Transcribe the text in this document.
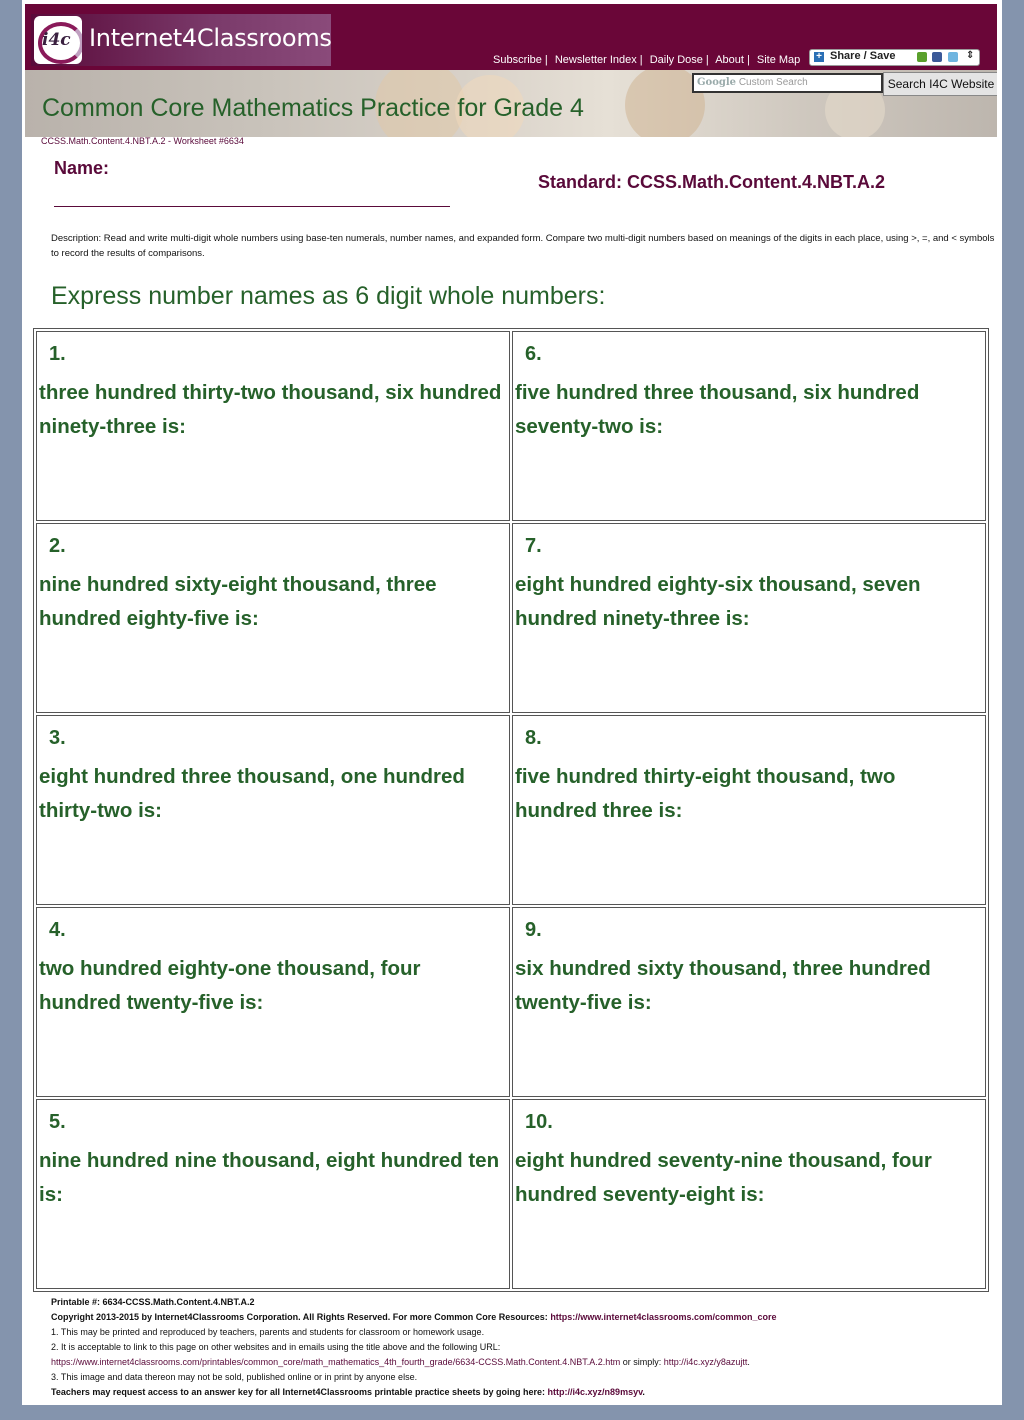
i4c Internet4Classrooms
Subscribe | Newsletter Index | Daily Dose | About | Site Map + Share / Save	⇕
Google Custom Search	Search I4C Website
Common Core Mathematics Practice for Grade 4
CCSS.Math.Content.4.NBT.A.2 - Worksheet #6634
Name:
Standard: CCSS.Math.Content.4.NBT.A.2
Description: Read and write multi-digit whole numbers using base-ten numerals, number names, and expanded form. Compare two multi-digit numbers based on meanings of the digits in each place, using >, =, and < symbols to record the results of comparisons.
Express number names as 6 digit whole numbers:
1.
three hundred thirty-two thousand, six hundred ninety-three is:
6.
five hundred three thousand, six hundred seventy-two is:
2.
nine hundred sixty-eight thousand, three hundred eighty-five is:
7.
eight hundred eighty-six thousand, seven hundred ninety-three is:
3.
eight hundred three thousand, one hundred thirty-two is:
8.
five hundred thirty-eight thousand, two hundred three is:
4.
two hundred eighty-one thousand, four hundred twenty-five is:
9.
six hundred sixty thousand, three hundred twenty-five is:
5.
nine hundred nine thousand, eight hundred ten is:
10.
eight hundred seventy-nine thousand, four hundred seventy-eight is:
Printable #: 6634-CCSS.Math.Content.4.NBT.A.2
Copyright 2013-2015 by Internet4Classrooms Corporation. All Rights Reserved. For more Common Core Resources: https://www.internet4classrooms.com/common_core
1. This may be printed and reproduced by teachers, parents and students for classroom or homework usage.
2. It is acceptable to link to this page on other websites and in emails using the title above and the following URL:
https://www.internet4classrooms.com/printables/common_core/math_mathematics_4th_fourth_grade/6634-CCSS.Math.Content.4.NBT.A.2.htm or simply: http://i4c.xyz/y8azujtt.
3. This image and data thereon may not be sold, published online or in print by anyone else.
Teachers may request access to an answer key for all Internet4Classrooms printable practice sheets by going here: http://i4c.xyz/n89msyv.
